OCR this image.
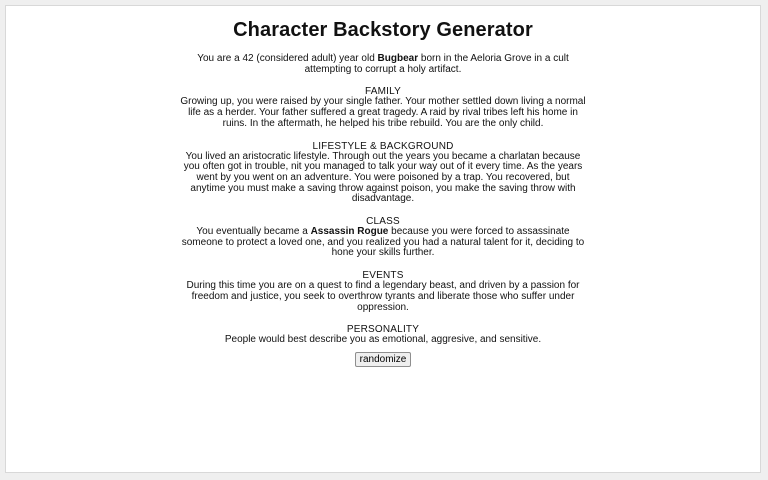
Character Backstory Generator
You are a 42 (considered adult) year old Bugbear born in the Aeloria Grove in a cult attempting to corrupt a holy artifact.
FAMILY
Growing up, you were raised by your single father. Your mother settled down living a normal life as a herder. Your father suffered a great tragedy. A raid by rival tribes left his home in ruins. In the aftermath, he helped his tribe rebuild. You are the only child.
LIFESTYLE & BACKGROUND
You lived an aristocratic lifestyle. Through out the years you became a charlatan because you often got in trouble, nit you managed to talk your way out of it every time. As the years went by you went on an adventure. You were poisoned by a trap. You recovered, but anytime you must make a saving throw against poison, you make the saving throw with disadvantage.
CLASS
You eventually became a Assassin Rogue because you were forced to assassinate someone to protect a loved one, and you realized you had a natural talent for it, deciding to hone your skills further.
EVENTS
During this time you are on a quest to find a legendary beast, and driven by a passion for freedom and justice, you seek to overthrow tyrants and liberate those who suffer under oppression.
PERSONALITY
People would best describe you as emotional, aggresive, and sensitive.
randomize
